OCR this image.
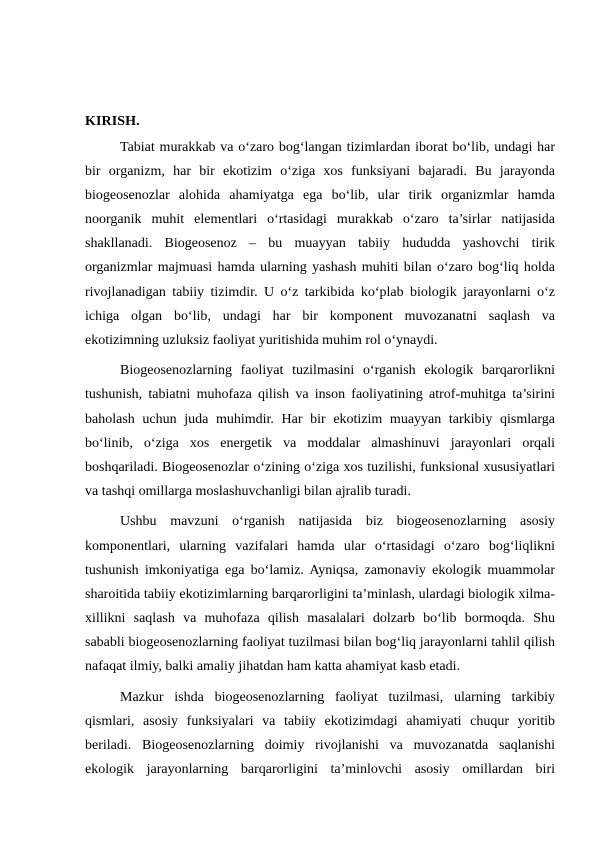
KIRISH.

Tabiat murakkab va o‘zaro bog‘langan tizimlardan iborat bo‘lib, undagi har bir organizm, har bir ekotizim o‘ziga xos funksiyani bajaradi. Bu jarayonda biogeosenozlar alohida ahamiyatga ega bo‘lib, ular tirik organizmlar hamda noorganik muhit elementlari o‘rtasidagi murakkab o‘zaro ta’sirlar natijasida shakllanadi. Biogeosenoz – bu muayyan tabiiy hududda yashovchi tirik organizmlar majmuasi hamda ularning yashash muhiti bilan o‘zaro bog‘liq holda rivojlanadigan tabiiy tizimdir. U o‘z tarkibida ko‘plab biologik jarayonlarni o‘z ichiga olgan bo‘lib, undagi har bir komponent muvozanatni saqlash va ekotizimning uzluksiz faoliyat yuritishida muhim rol o‘ynaydi.

Biogeosenozlarning faoliyat tuzilmasini o‘rganish ekologik barqarorlikni tushunish, tabiatni muhofaza qilish va inson faoliyatining atrof-muhitga ta’sirini baholash uchun juda muhimdir. Har bir ekotizim muayyan tarkibiy qismlarga bo‘linib, o‘ziga xos energetik va moddalar almashinuvi jarayonlari orqali boshqariladi. Biogeosenozlar o‘zining o‘ziga xos tuzilishi, funksional xususiyatlari va tashqi omillarga moslashuvchanligi bilan ajralib turadi.

Ushbu mavzuni o‘rganish natijasida biz biogeosenozlarning asosiy komponentlari, ularning vazifalari hamda ular o‘rtasidagi o‘zaro bog‘liqlikni tushunish imkoniyatiga ega bo‘lamiz. Ayniqsa, zamonaviy ekologik muammolar sharoitida tabiiy ekotizimlarning barqarorligini ta’minlash, ulardagi biologik xilma-xillikni saqlash va muhofaza qilish masalalari dolzarb bo‘lib bormoqda. Shu sababli biogeosenozlarning faoliyat tuzilmasi bilan bog‘liq jarayonlarni tahlil qilish nafaqat ilmiy, balki amaliy jihatdan ham katta ahamiyat kasb etadi.

Mazkur ishda biogeosenozlarning faoliyat tuzilmasi, ularning tarkibiy qismlari, asosiy funksiyalari va tabiiy ekotizimdagi ahamiyati chuqur yoritib beriladi. Biogeosenozlarning doimiy rivojlanishi va muvozanatda saqlanishi ekologik jarayonlarning barqarorligini ta’minlovchi asosiy omillardan biri
